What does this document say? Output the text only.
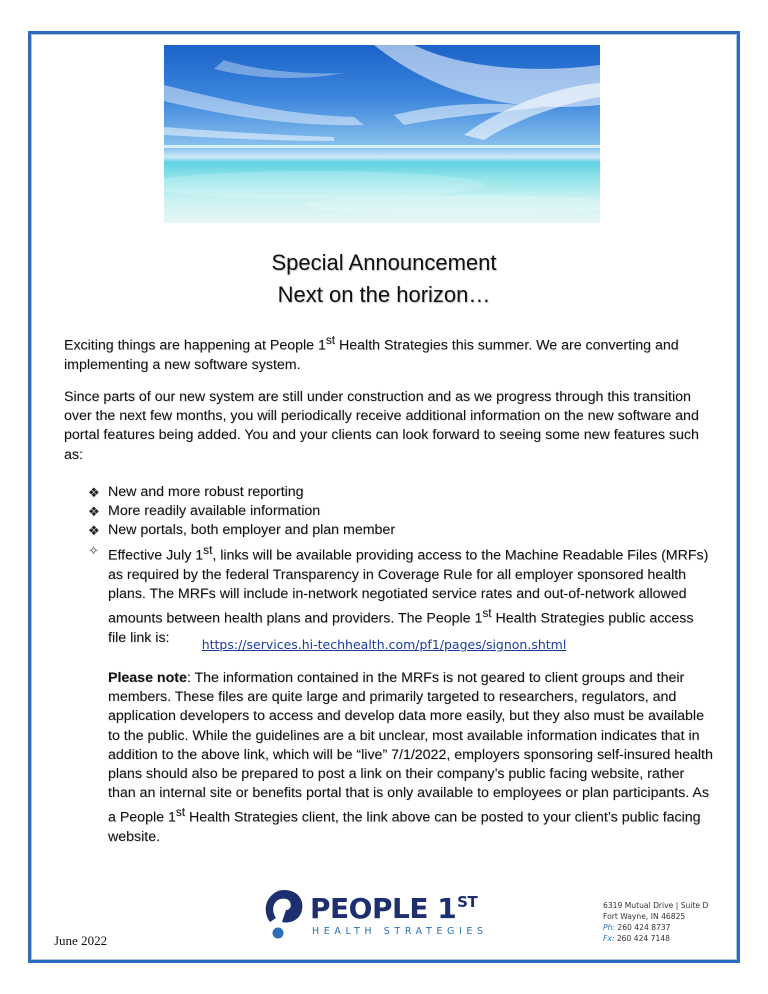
Special Announcement
Next on the horizon…

Exciting things are happening at People 1st Health Strategies this summer. We are converting and implementing a new software system.

Since parts of our new system are still under construction and as we progress through this transition over the next few months, you will periodically receive additional information on the new software and portal features being added. You and your clients can look forward to seeing some new features such as:

❖ New and more robust reporting
❖ More readily available information
❖ New portals, both employer and plan member
✧ Effective July 1st, links will be available providing access to the Machine Readable Files (MRFs) as required by the federal Transparency in Coverage Rule for all employer sponsored health plans. The MRFs will include in-network negotiated service rates and out-of-network allowed amounts between health plans and providers. The People 1st Health Strategies public access file link is:	https://services.hi-techhealth.com/pf1/pages/signon.shtml

Please note: The information contained in the MRFs is not geared to client groups and their members. These files are quite large and primarily targeted to researchers, regulators, and application developers to access and develop data more easily, but they also must be available to the public. While the guidelines are a bit unclear, most available information indicates that in addition to the above link, which will be “live” 7/1/2022, employers sponsoring self-insured health plans should also be prepared to post a link on their company’s public facing website, rather than an internal site or benefits portal that is only available to employees or plan participants. As a People 1st Health Strategies client, the link above can be posted to your client’s public facing website.

June 2022
PEOPLE 1ST
HEALTH STRATEGIES
6319 Mutual Drive | Suite D
Fort Wayne, IN 46825
Ph: 260 424 8737
Fx: 260 424 7148
